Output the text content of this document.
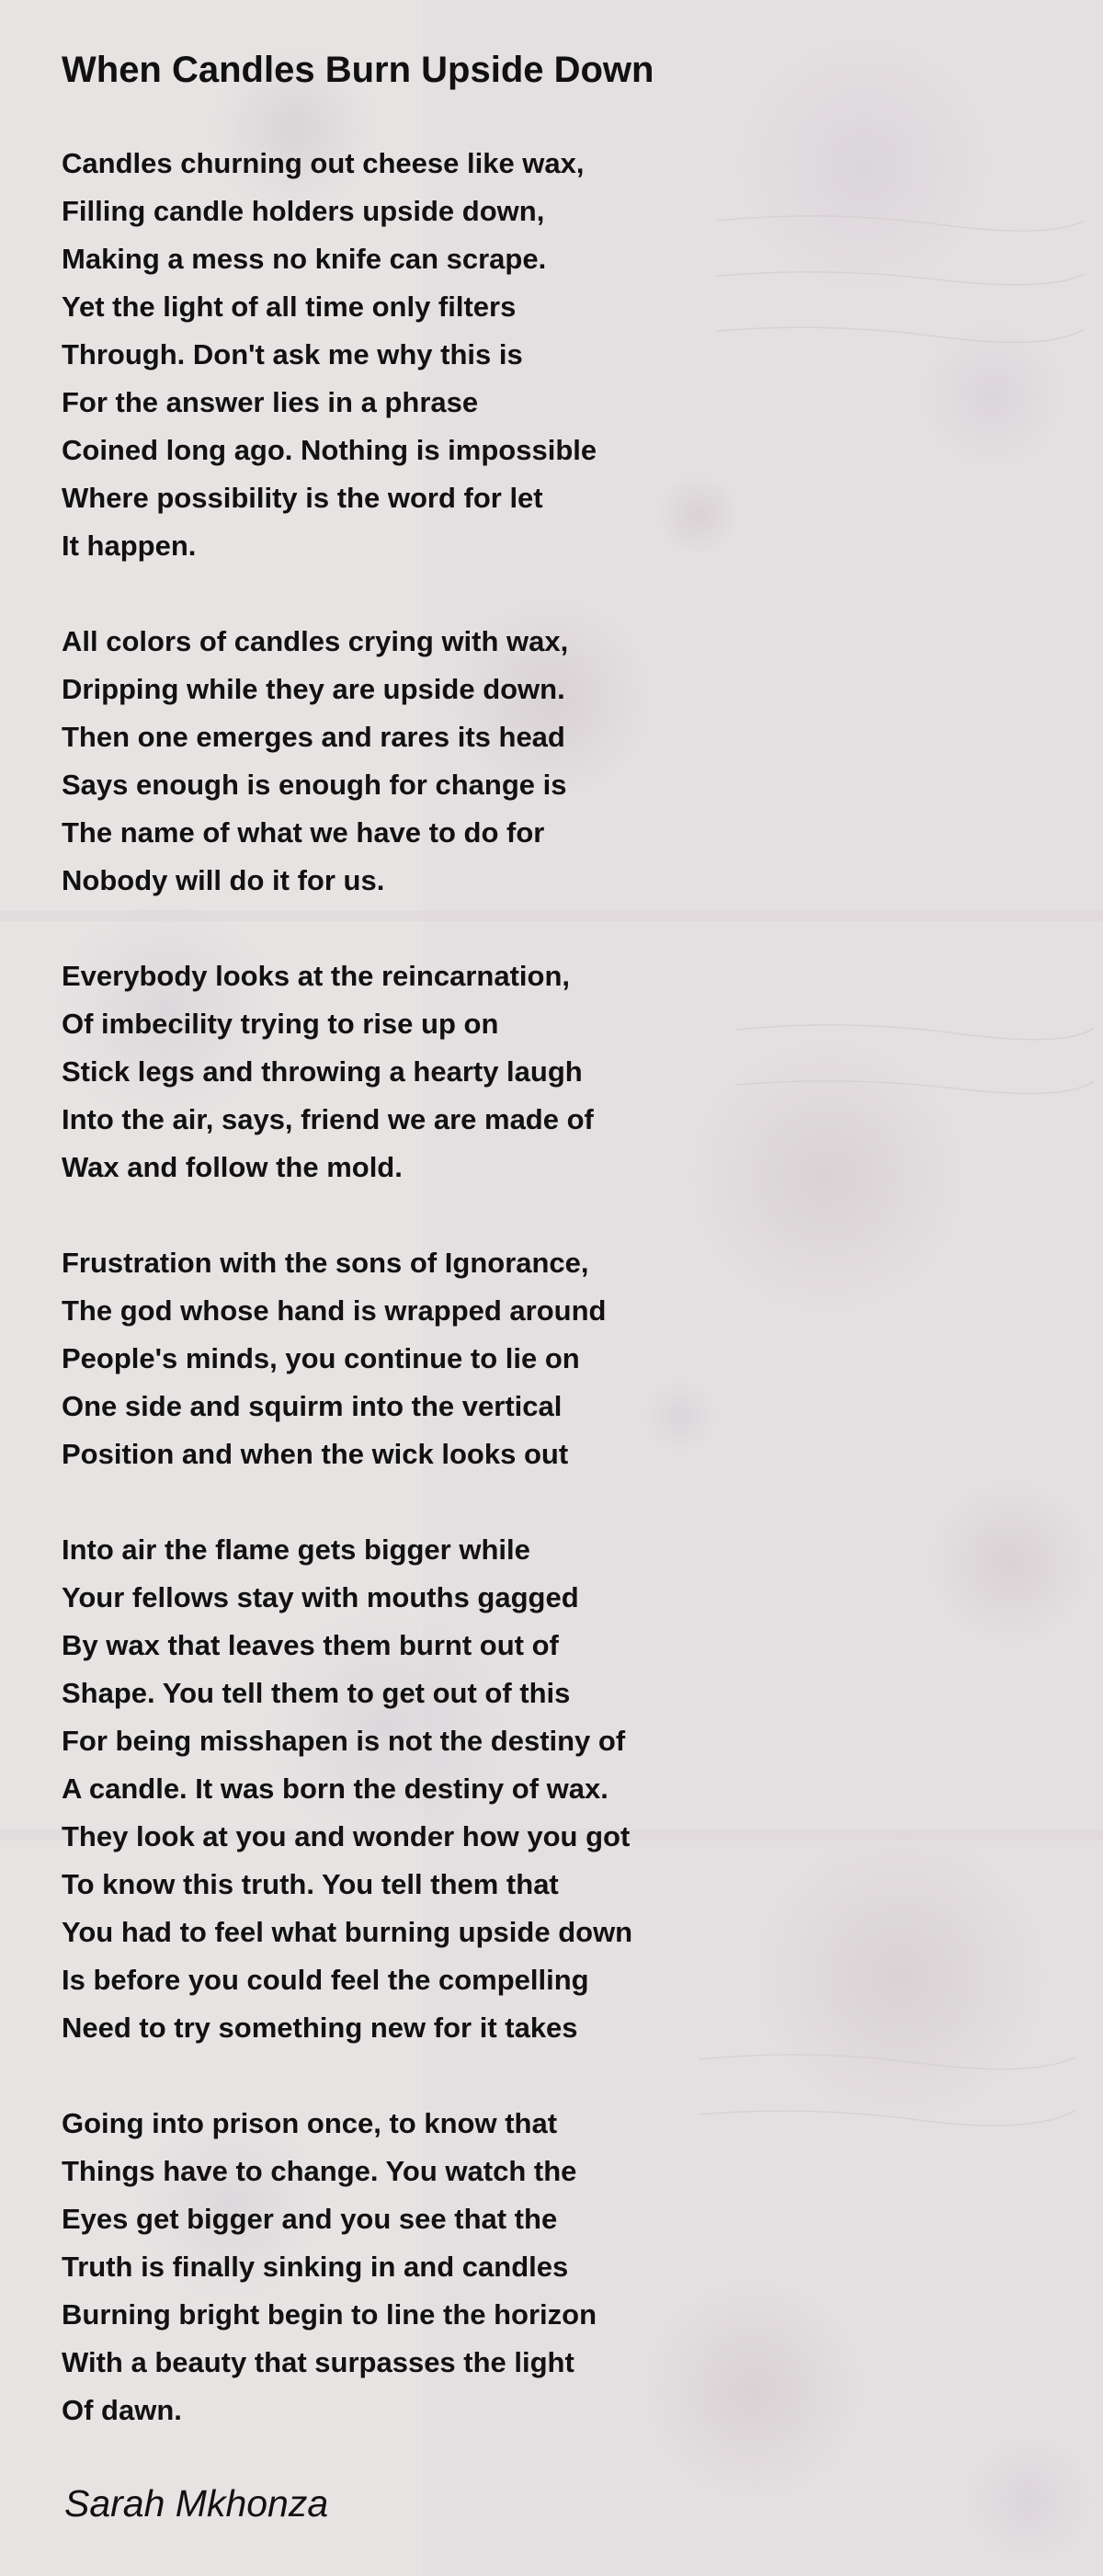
When Candles Burn Upside Down
Candles churning out cheese like wax,
Filling candle holders upside down,
Making a mess no knife can scrape.
Yet the light of all time only filters
Through. Don't ask me why this is
For the answer lies in a phrase
Coined long ago. Nothing is impossible
Where possibility is the word for let
It happen.
All colors of candles crying with wax,
Dripping while they are upside down.
Then one emerges and rares its head
Says enough is enough for change is
The name of what we have to do for
Nobody will do it for us.
Everybody looks at the reincarnation,
Of imbecility trying to rise up on
Stick legs and throwing a hearty laugh
Into the air, says, friend we are made of
Wax and follow the mold.
Frustration with the sons of Ignorance,
The god whose hand is wrapped around
People's minds, you continue to lie on
One side and squirm into the vertical
Position and when the wick looks out
Into air the flame gets bigger while
Your fellows stay with mouths gagged
By wax that leaves them burnt out of
Shape. You tell them to get out of this
For being misshapen is not the destiny of
A candle. It was born the destiny of wax.
They look at you and wonder how you got
To know this truth. You tell them that
You had to feel what burning upside down
Is before you could feel the compelling
Need to try something new for it takes
Going into prison once, to know that
Things have to change. You watch the
Eyes get bigger and you see that the
Truth is finally sinking in and candles
Burning bright begin to line the horizon
With a beauty that surpasses the light
Of dawn.
Sarah Mkhonza
